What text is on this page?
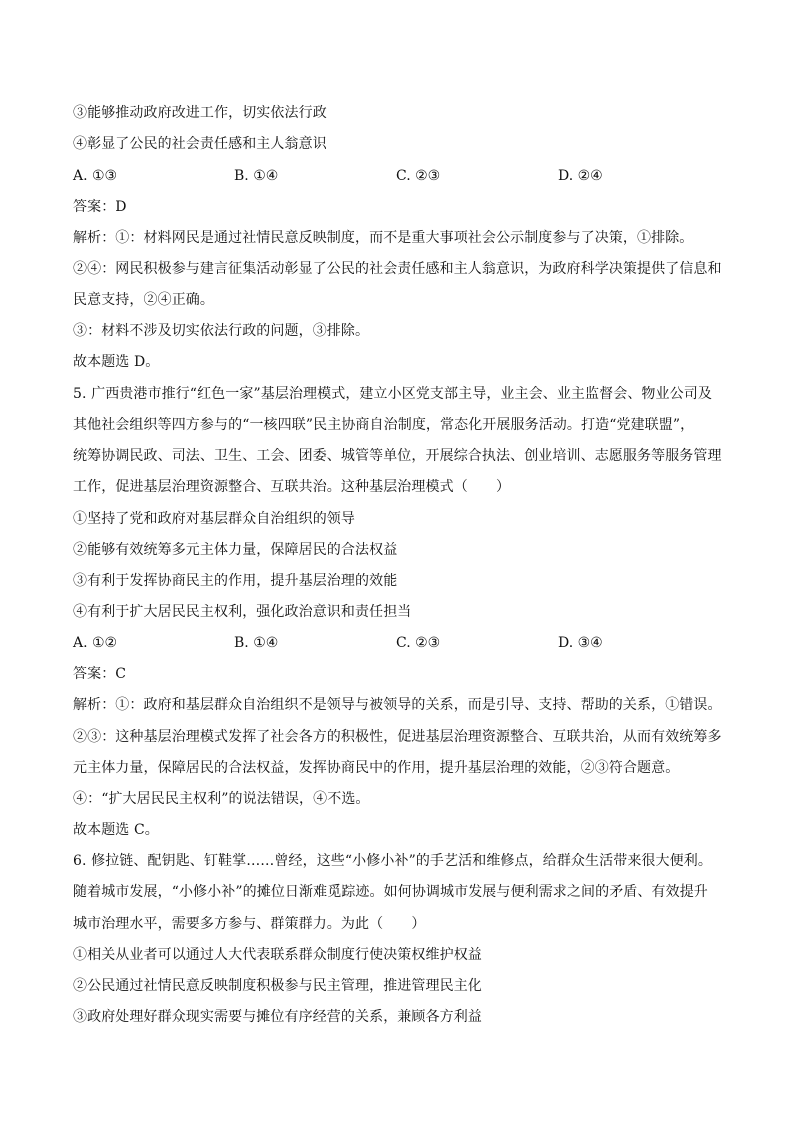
③能够推动政府改进工作，切实依法行政
④彰显了公民的社会责任感和主人翁意识
A. ①③	B. ①④	C. ②③	D. ②④
答案：D
解析：①：材料网民是通过社情民意反映制度，而不是重大事项社会公示制度参与了决策，①排除。
②④：网民积极参与建言征集活动彰显了公民的社会责任感和主人翁意识，为政府科学决策提供了信息和
民意支持，②④正确。
③：材料不涉及切实依法行政的问题，③排除。
故本题选 D。
5. 广西贵港市推行“红色一家”基层治理模式，建立小区党支部主导，业主会、业主监督会、物业公司及
其他社会组织等四方参与的“一核四联”民主协商自治制度，常态化开展服务活动。打造“党建联盟”，
统筹协调民政、司法、卫生、工会、团委、城管等单位，开展综合执法、创业培训、志愿服务等服务管理
工作，促进基层治理资源整合、互联共治。这种基层治理模式（　　）
①坚持了党和政府对基层群众自治组织的领导
②能够有效统筹多元主体力量，保障居民的合法权益
③有利于发挥协商民主的作用，提升基层治理的效能
④有利于扩大居民民主权利，强化政治意识和责任担当
A. ①②	B. ①④	C. ②③	D. ③④
答案：C
解析：①：政府和基层群众自治组织不是领导与被领导的关系，而是引导、支持、帮助的关系，①错误。
②③：这种基层治理模式发挥了社会各方的积极性，促进基层治理资源整合、互联共治，从而有效统筹多
元主体力量，保障居民的合法权益，发挥协商民中的作用，提升基层治理的效能，②③符合题意。
④：“扩大居民民主权利”的说法错误，④不选。
故本题选 C。
6. 修拉链、配钥匙、钉鞋掌……曾经，这些“小修小补”的手艺活和维修点，给群众生活带来很大便利。
随着城市发展，“小修小补”的摊位日渐难觅踪迹。如何协调城市发展与便利需求之间的矛盾、有效提升
城市治理水平，需要多方参与、群策群力。为此（　　）
①相关从业者可以通过人大代表联系群众制度行使决策权维护权益
②公民通过社情民意反映制度积极参与民主管理，推进管理民主化
③政府处理好群众现实需要与摊位有序经营的关系，兼顾各方利益
